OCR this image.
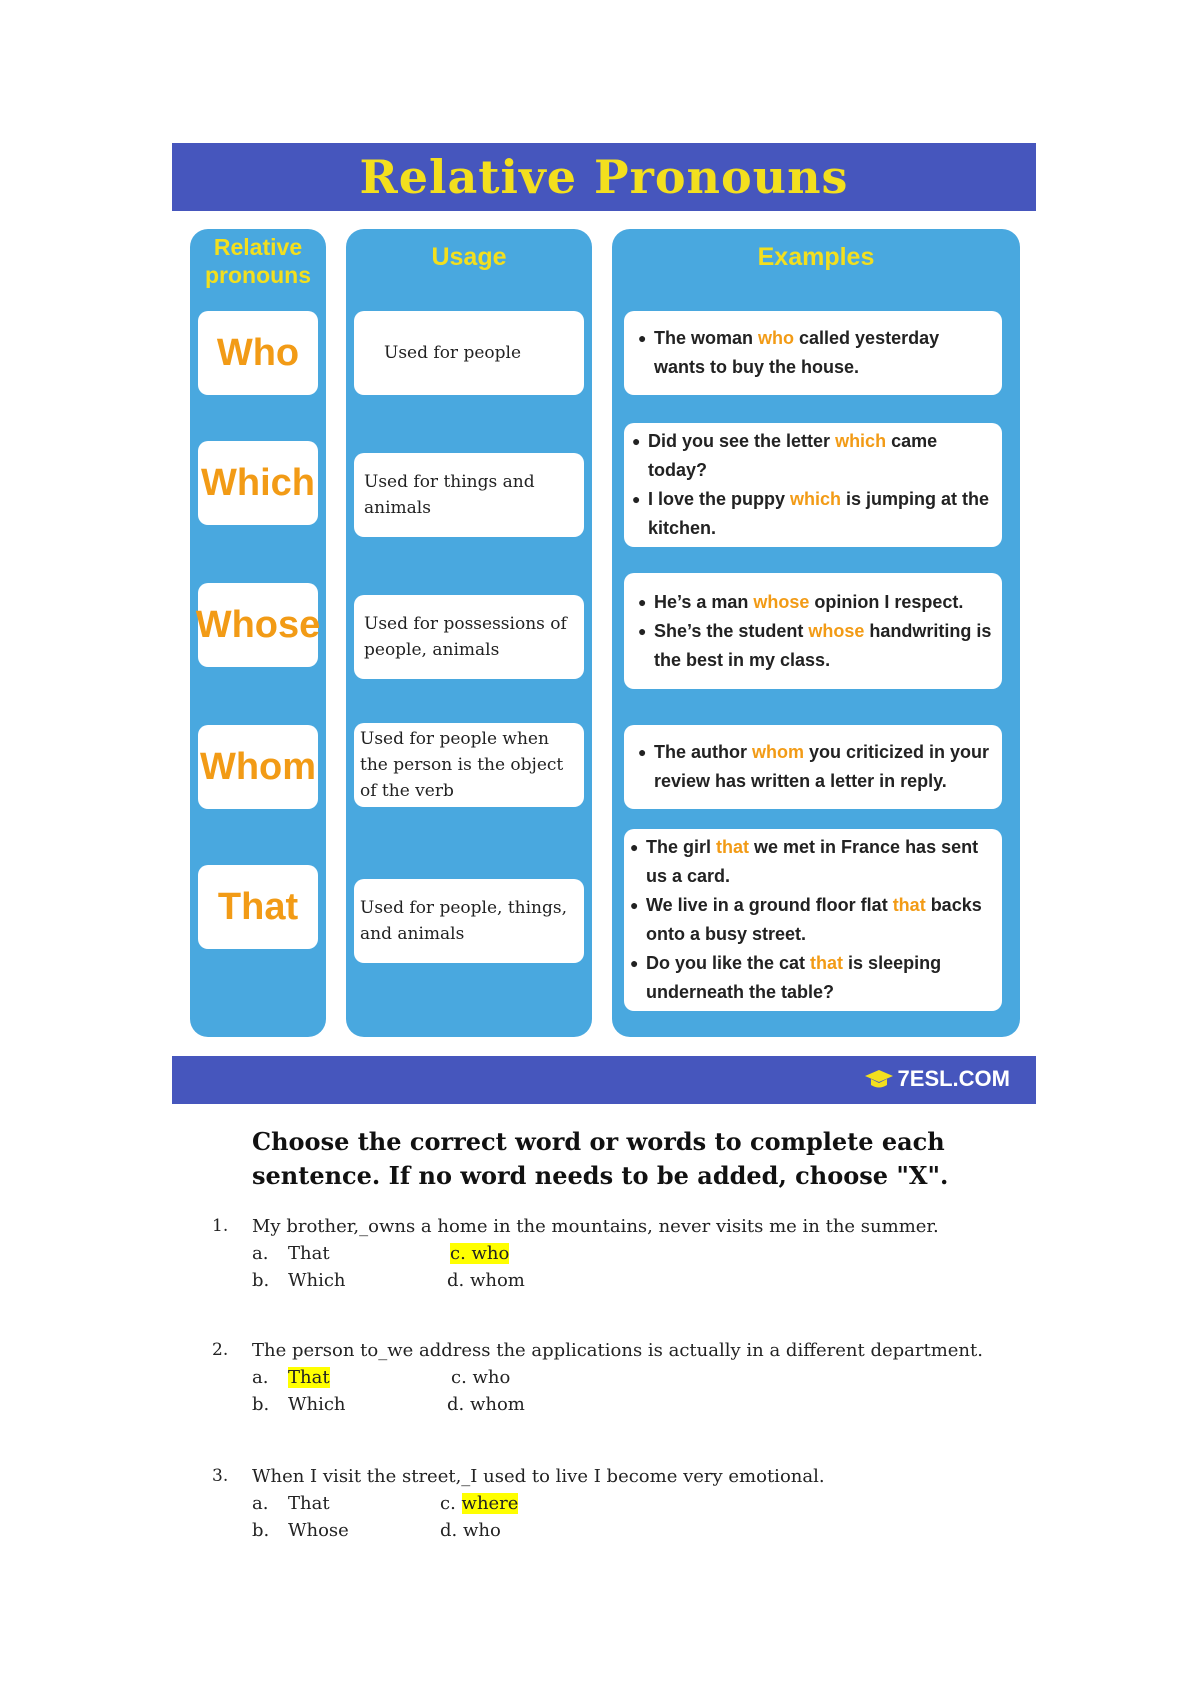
Relative Pronouns
Relative pronouns
Who
Which
Whose
Whom
That
Usage
Used for people
Used for things and animals
Used for possessions of people, animals
Used for people when the person is the object of the verb
Used for people, things, and animals
Examples
● The woman who called yesterday wants to buy the house.
● Did you see the letter which came today?
● I love the puppy which is jumping at the kitchen.
● He’s a man whose opinion I respect.
● She’s the student whose handwriting is the best in my class.
● The author whom you criticized in your review has written a letter in reply.
● The girl that we met in France has sent us a card.
● We live in a ground floor flat that backs onto a busy street.
● Do you like the cat that is sleeping underneath the table?
7ESL.COM
Choose the correct word or words to complete each
sentence. If no word needs to be added, choose "X".
1. My brother,_owns a home in the mountains, never visits me in the summer.
a. That
b. Which
c. who
d. whom
2. The person to_we address the applications is actually in a different department.
a. That
b. Which
c. who
d. whom
3. When I visit the street,_I used to live I become very emotional.
a. That
b. Whose
c. where
d. who
